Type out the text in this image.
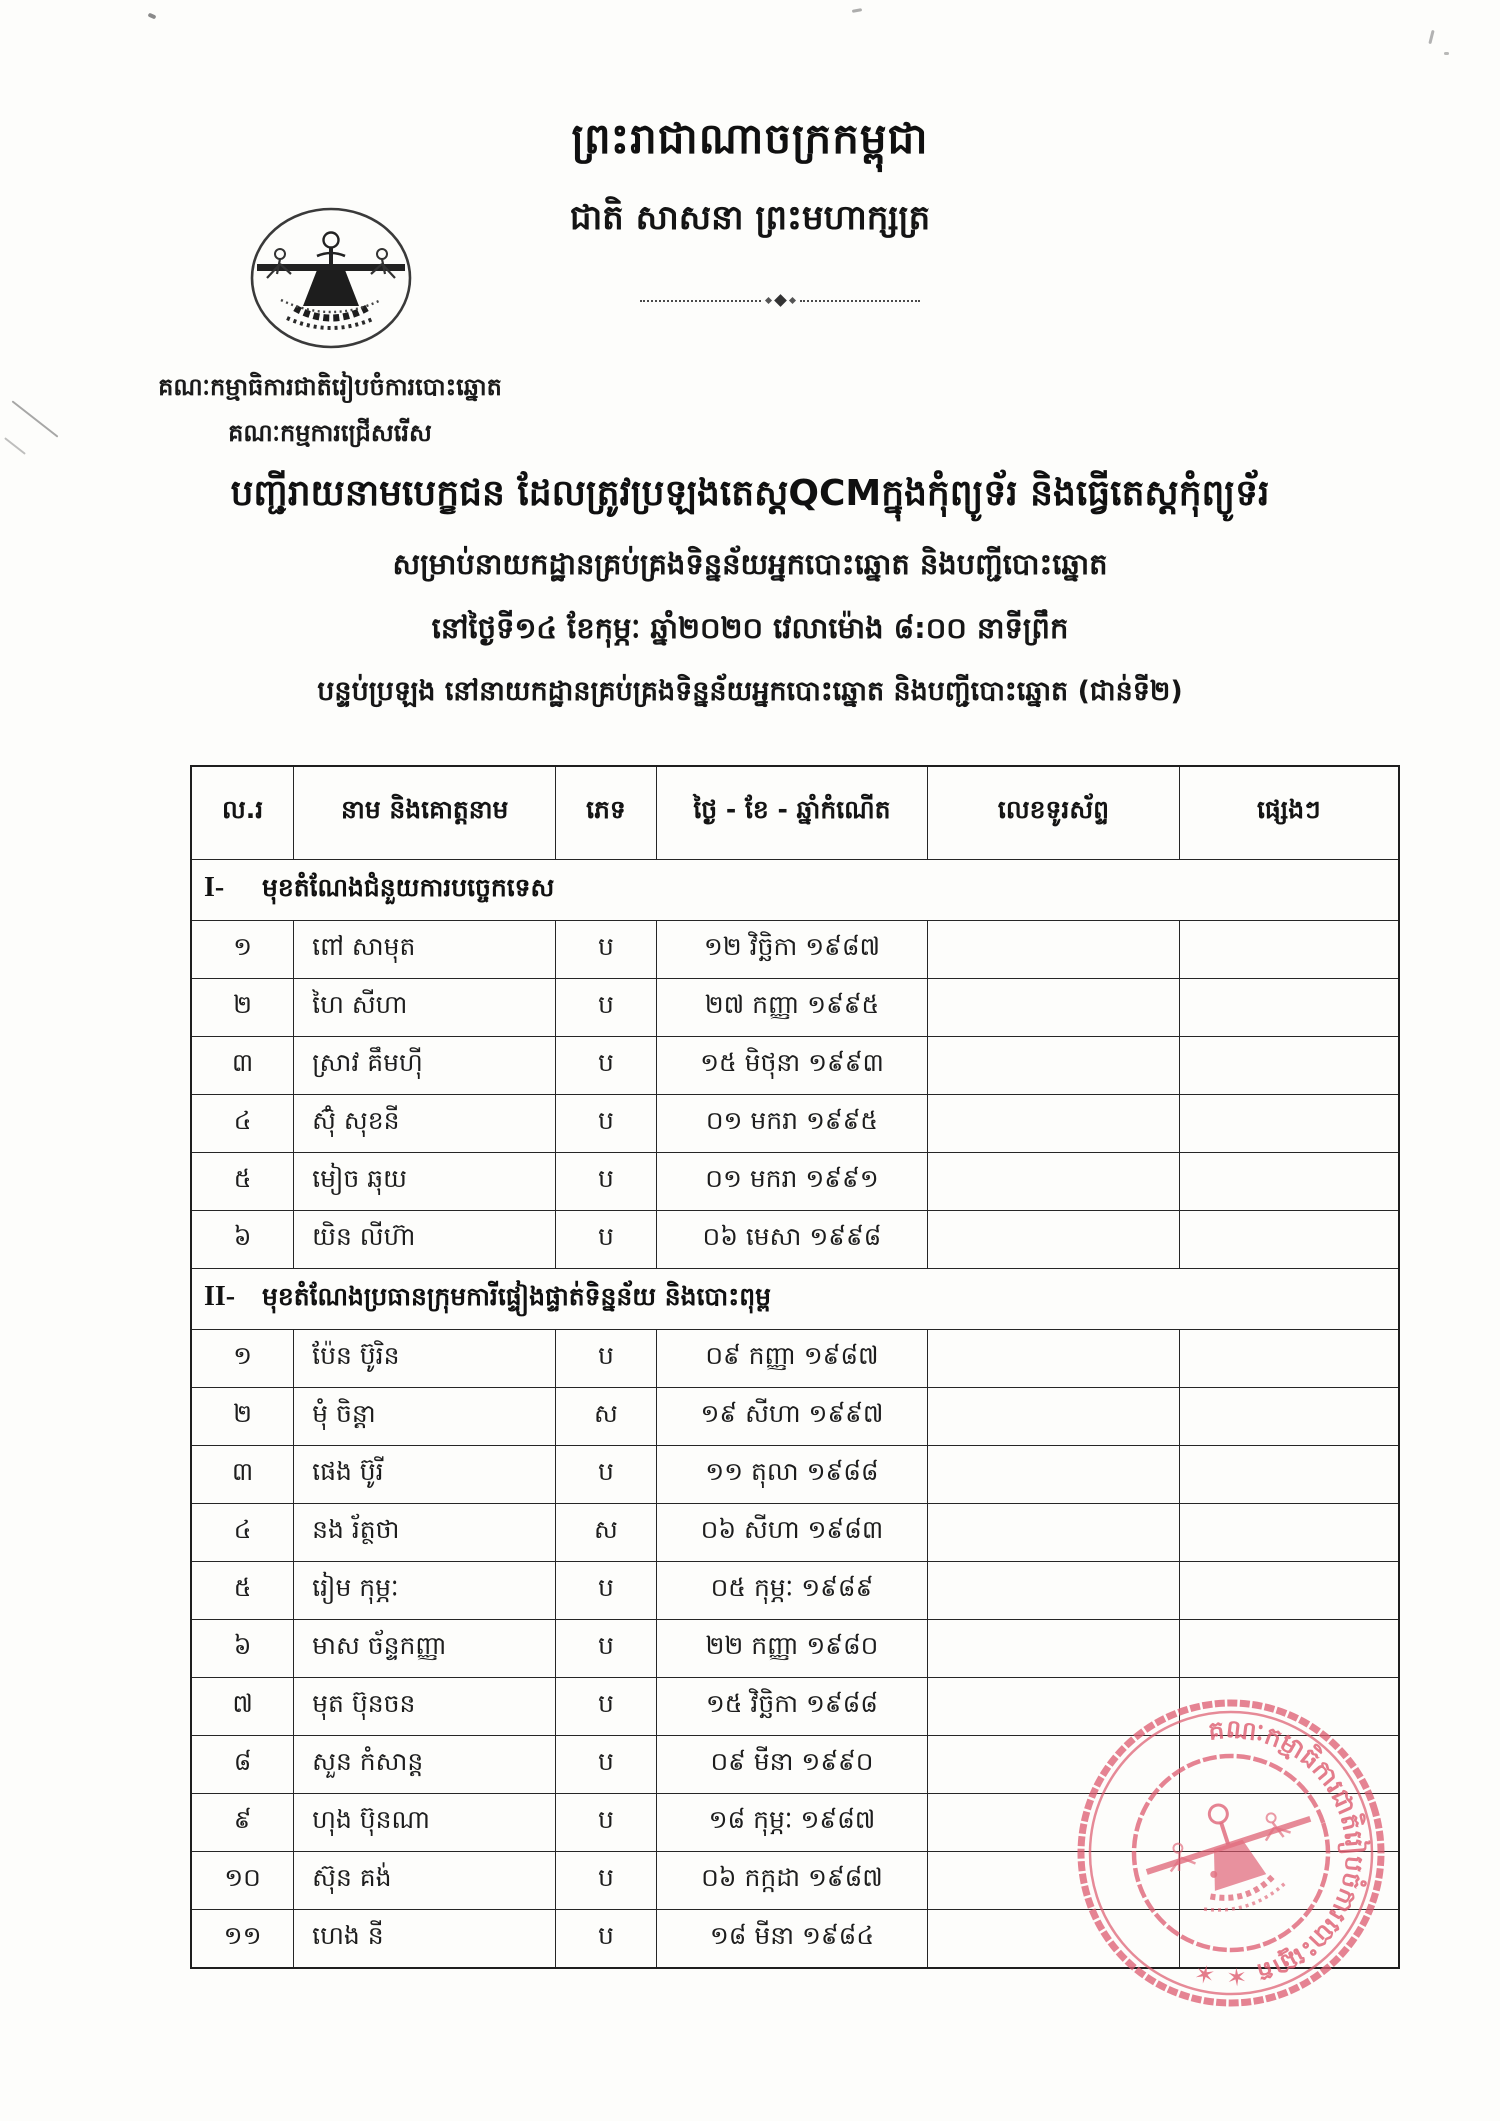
ព្រះរាជាណាចក្រកម្ពុជា
ជាតិ សាសនា ព្រះមហាក្សត្រ
គណៈកម្មាធិការជាតិរៀបចំការបោះឆ្នោត
គណៈកម្មការជ្រើសរើស
បញ្ជីរាយនាមបេក្ខជន ដែលត្រូវប្រឡងតេស្តQCMក្នុងកុំព្យូទ័រ និងធ្វើតេស្តកុំព្យូទ័រ
សម្រាប់នាយកដ្ឋានគ្រប់គ្រងទិន្នន័យអ្នកបោះឆ្នោត និងបញ្ជីបោះឆ្នោត
នៅថ្ងៃទី១៤ ខែកុម្ភៈ ឆ្នាំ២០២០ វេលាម៉ោង ៨:០០ នាទីព្រឹក
បន្ទប់ប្រឡង នៅនាយកដ្ឋានគ្រប់គ្រងទិន្នន័យអ្នកបោះឆ្នោត និងបញ្ជីបោះឆ្នោត (ជាន់ទី២)
ល.រ	នាម និងគោត្តនាម	ភេទ	ថ្ងៃ - ខែ - ឆ្នាំកំណើត	លេខទូរស័ព្ទ	ផ្សេងៗ
I- មុខតំណែងជំនួយការបច្ចេកទេស					
១	ពៅ សាមុត	ប	១២ វិច្ឆិកា ១៩៨៧		
២	ហៃ សីហា	ប	២៧ កញ្ញា ១៩៩៥		
៣	ស្រាវ គឹមហុី	ប	១៥ មិថុនា ១៩៩៣		
៤	ស៊ុំ សុខនី	ប	០១ មករា ១៩៩៥		
៥	មៀច ឆុយ	ប	០១ មករា ១៩៩១		
៦	យិន លីហ៊ា	ប	០៦ មេសា ១៩៩៨		
II- មុខតំណែងប្រធានក្រុមការីផ្ទៀងផ្ទាត់ទិន្នន័យ និងបោះពុម្ព					
១	ប៉ែន ប៊ូរិន	ប	០៩ កញ្ញា ១៩៨៧		
២	មុំ ចិន្តា	ស	១៩ សីហា ១៩៩៧		
៣	ផេង ប៊ូរី	ប	១១ តុលា ១៩៨៨		
៤	នង រ័ត្ថថា	ស	០៦ សីហា ១៩៨៣		
៥	រៀម កុម្ភៈ	ប	០៥ កុម្ភៈ ១៩៨៩		
៦	មាស ច័ន្ទកញ្ញា	ប	២២ កញ្ញា ១៩៨០		
៧	មុត ប៊ុនចន	ប	១៥ វិច្ឆិកា ១៩៨៨		
៨	សួន កំសាន្ត	ប	០៩ មីនា ១៩៩០		
៩	ហុង ប៊ុនណា	ប	១៨ កុម្ភៈ ១៩៨៧		
១០	ស៊ុន គង់	ប	០៦ កក្កដា ១៩៨៧		
១១	ហេង នី	ប	១៨ មីនា ១៩៨៤		
គណៈកម្មាធិការជាតិរៀបចំការបោះឆ្នោត ✶ ✶
